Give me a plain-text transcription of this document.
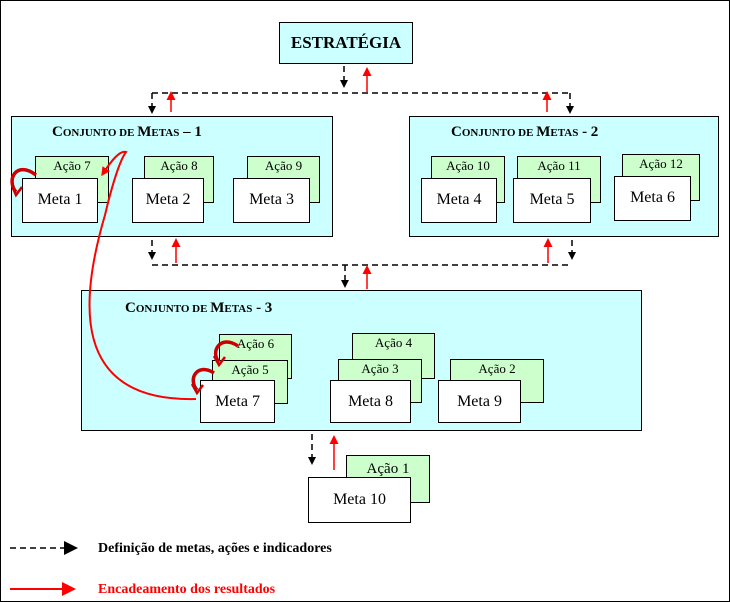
ESTRATÉGIA
CONJUNTO DE METAS – 1	CONJUNTO DE METAS - 2
CONJUNTO DE METAS - 3
Ação 7
Meta 1
Ação 8
Meta 2
Ação 9
Meta 3
Ação 10
Meta 4
Ação 11
Meta 5
Ação 12
Meta 6
Ação 6
Ação 5
Meta 7
Ação 4
Ação 3
Meta 8
Ação 2
Meta 9
Ação 1
Meta 10
Definição de metas, ações e indicadores
Encadeamento dos resultados
